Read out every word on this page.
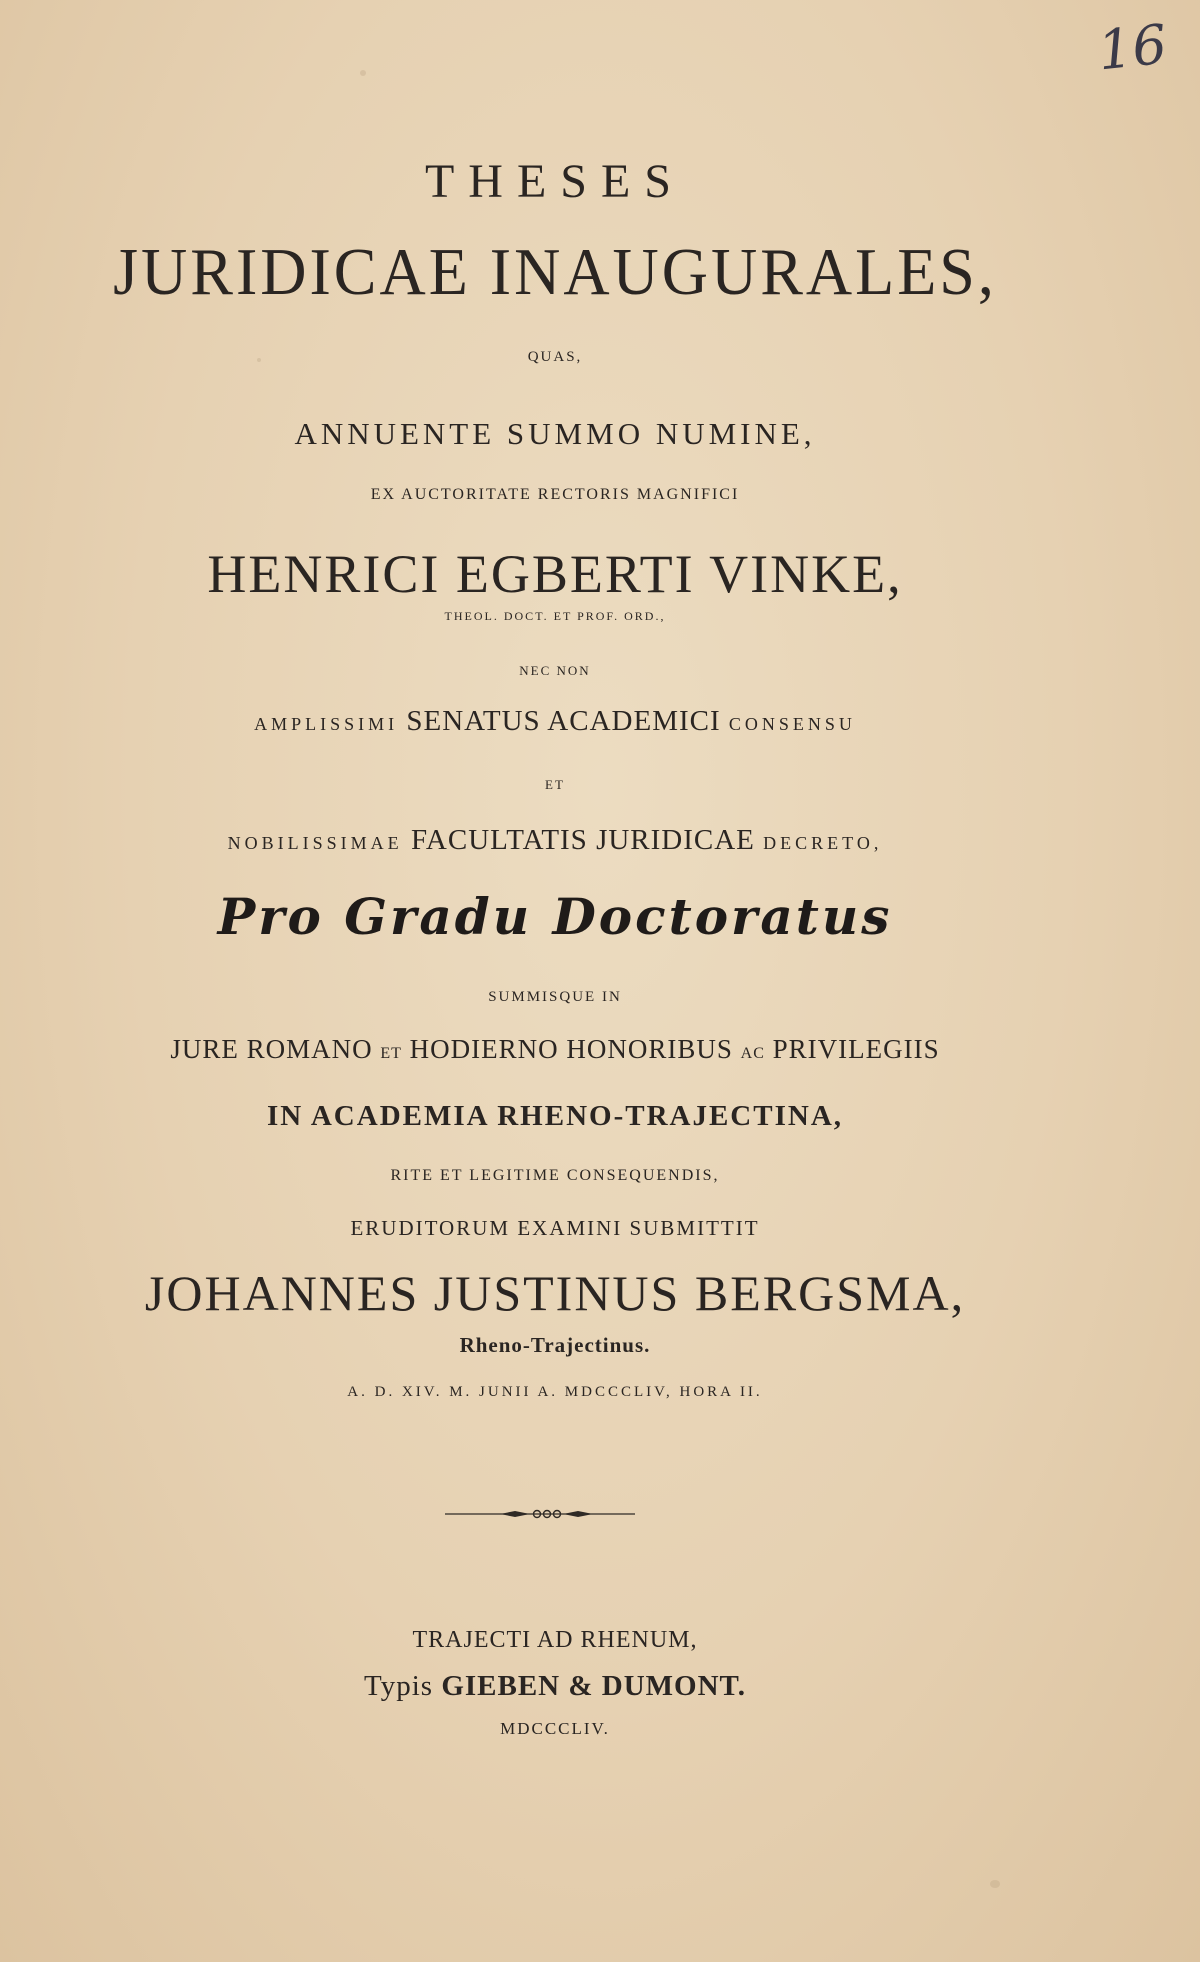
16
THESES
JURIDICAE INAUGURALES,
QUAS,
ANNUENTE SUMMO NUMINE,
EX AUCTORITATE RECTORIS MAGNIFICI
HENRICI EGBERTI VINKE,
THEOL. DOCT. ET PROF. ORD.,
NEC NON
AMPLISSIMI SENATUS ACADEMICI CONSENSU
ET
NOBILISSIMAE FACULTATIS JURIDICAE DECRETO,
Pro Gradu Doctoratus
SUMMISQUE IN
JURE ROMANO ET HODIERNO HONORIBUS AC PRIVILEGIIS
IN ACADEMIA RHENO-TRAJECTINA,
RITE ET LEGITIME CONSEQUENDIS,
ERUDITORUM EXAMINI SUBMITTIT
JOHANNES JUSTINUS BERGSMA,
Rheno-Trajectinus.
A. D. XIV. M. JUNII A. MDCCCLIV, HORA II.
TRAJECTI AD RHENUM,
Typis GIEBEN & DUMONT.
MDCCCLIV.
